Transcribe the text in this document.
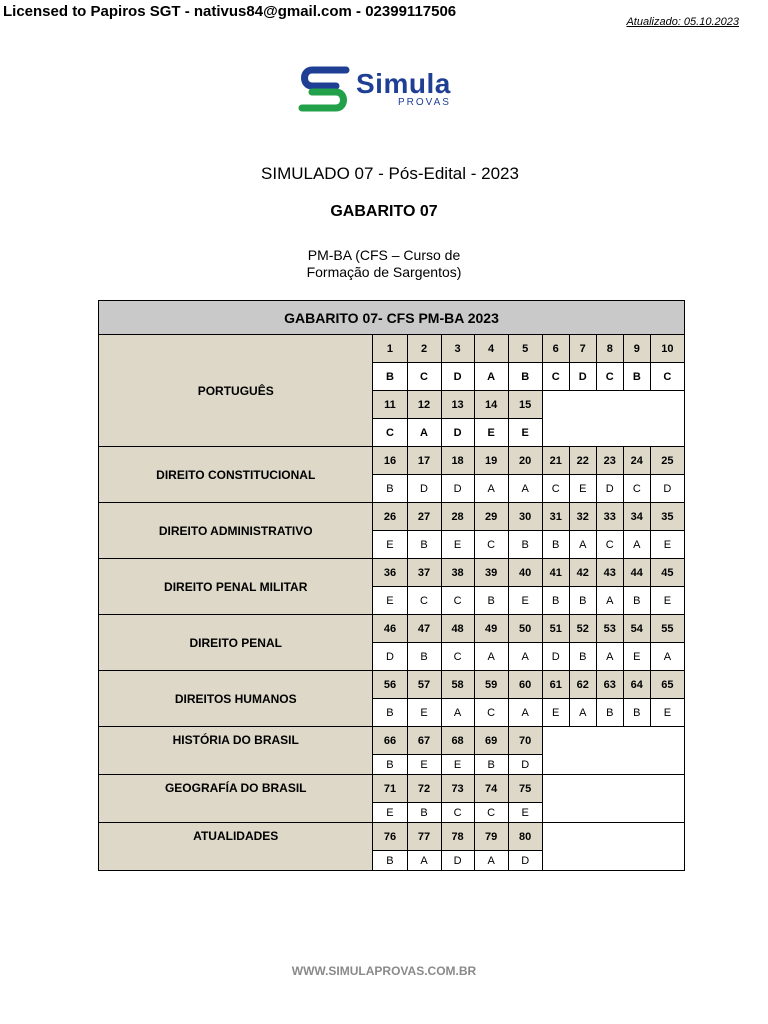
Licensed to Papiros SGT - nativus84@gmail.com - 02399117506
Atualizado: 05.10.2023
Simula
PROVAS
SIMULADO 07 - Pós-Edital - 2023
GABARITO 07
PM-BA (CFS – Curso de
Formação de Sargentos)
GABARITO 07- CFS PM-BA 2023										
PORTUGUÊS	1	2	3	4	5	6	7	8	9	10
	B	C	D	A	B	C	D	C	B	C
	11	12	13	14	15					
	C	A	D	E	E					
DIREITO CONSTITUCIONAL	16	17	18	19	20	21	22	23	24	25
	B	D	D	A	A	C	E	D	C	D
DIREITO ADMINISTRATIVO	26	27	28	29	30	31	32	33	34	35
	E	B	E	C	B	B	A	C	A	E
DIREITO PENAL MILITAR	36	37	38	39	40	41	42	43	44	45
	E	C	C	B	E	B	B	A	B	E
DIREITO PENAL	46	47	48	49	50	51	52	53	54	55
	D	B	C	A	A	D	B	A	E	A
DIREITOS HUMANOS	56	57	58	59	60	61	62	63	64	65
	B	E	A	C	A	E	A	B	B	E
HISTÓRIA DO BRASIL	66	67	68	69	70					
	B	E	E	B	D					
GEOGRAFÍA DO BRASIL	71	72	73	74	75					
	E	B	C	C	E					
ATUALIDADES	76	77	78	79	80					
	B	A	D	A	D					
WWW.SIMULAPROVAS.COM.BR
